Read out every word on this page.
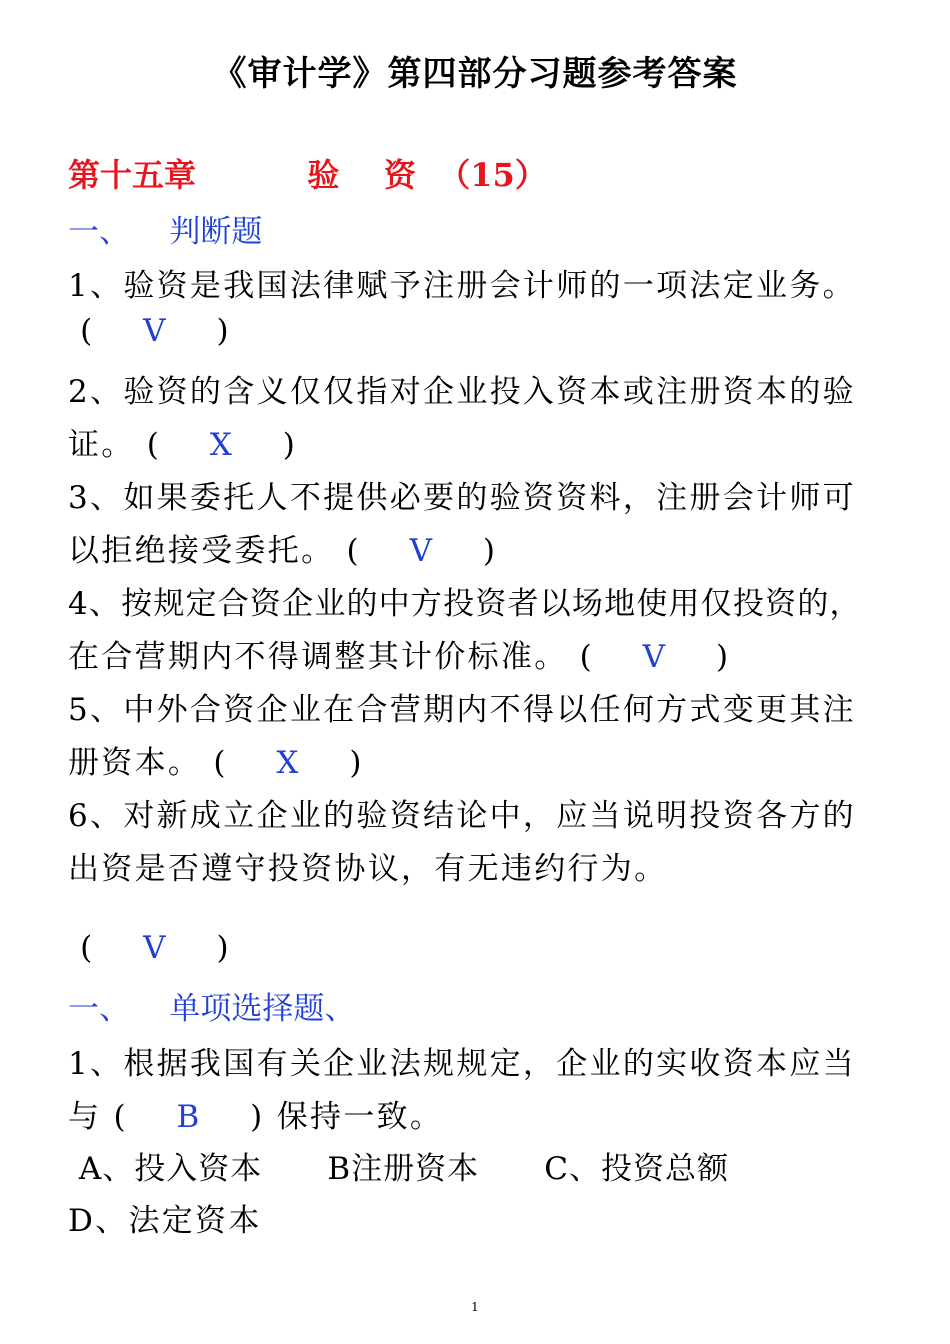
《审计学》第四部分习题参考答案
第十五章          验    资  （15）
一、    判断题
1、验资是我国法律赋予注册会计师的一项法定业务。
(    V    )
2、验资的含义仅仅指对企业投入资本或注册资本的验
证。 (    X    )
3、如果委托人不提供必要的验资资料，注册会计师可
以拒绝接受委托。 (    V    )
4、按规定合资企业的中方投资者以场地使用仅投资的，
在合营期内不得调整其计价标准。 (    V    )
5、中外合资企业在合营期内不得以任何方式变更其注
册资本。 (    X    )
6、对新成立企业的验资结论中，应当说明投资各方的
出资是否遵守投资协议，有无违约行为。
(    V    )
一、    单项选择题、
1、根据我国有关企业法规规定，企业的实收资本应当
与 (    B    ) 保持一致。
A、投入资本      B注册资本      C、投资总额
D、法定资本
1
